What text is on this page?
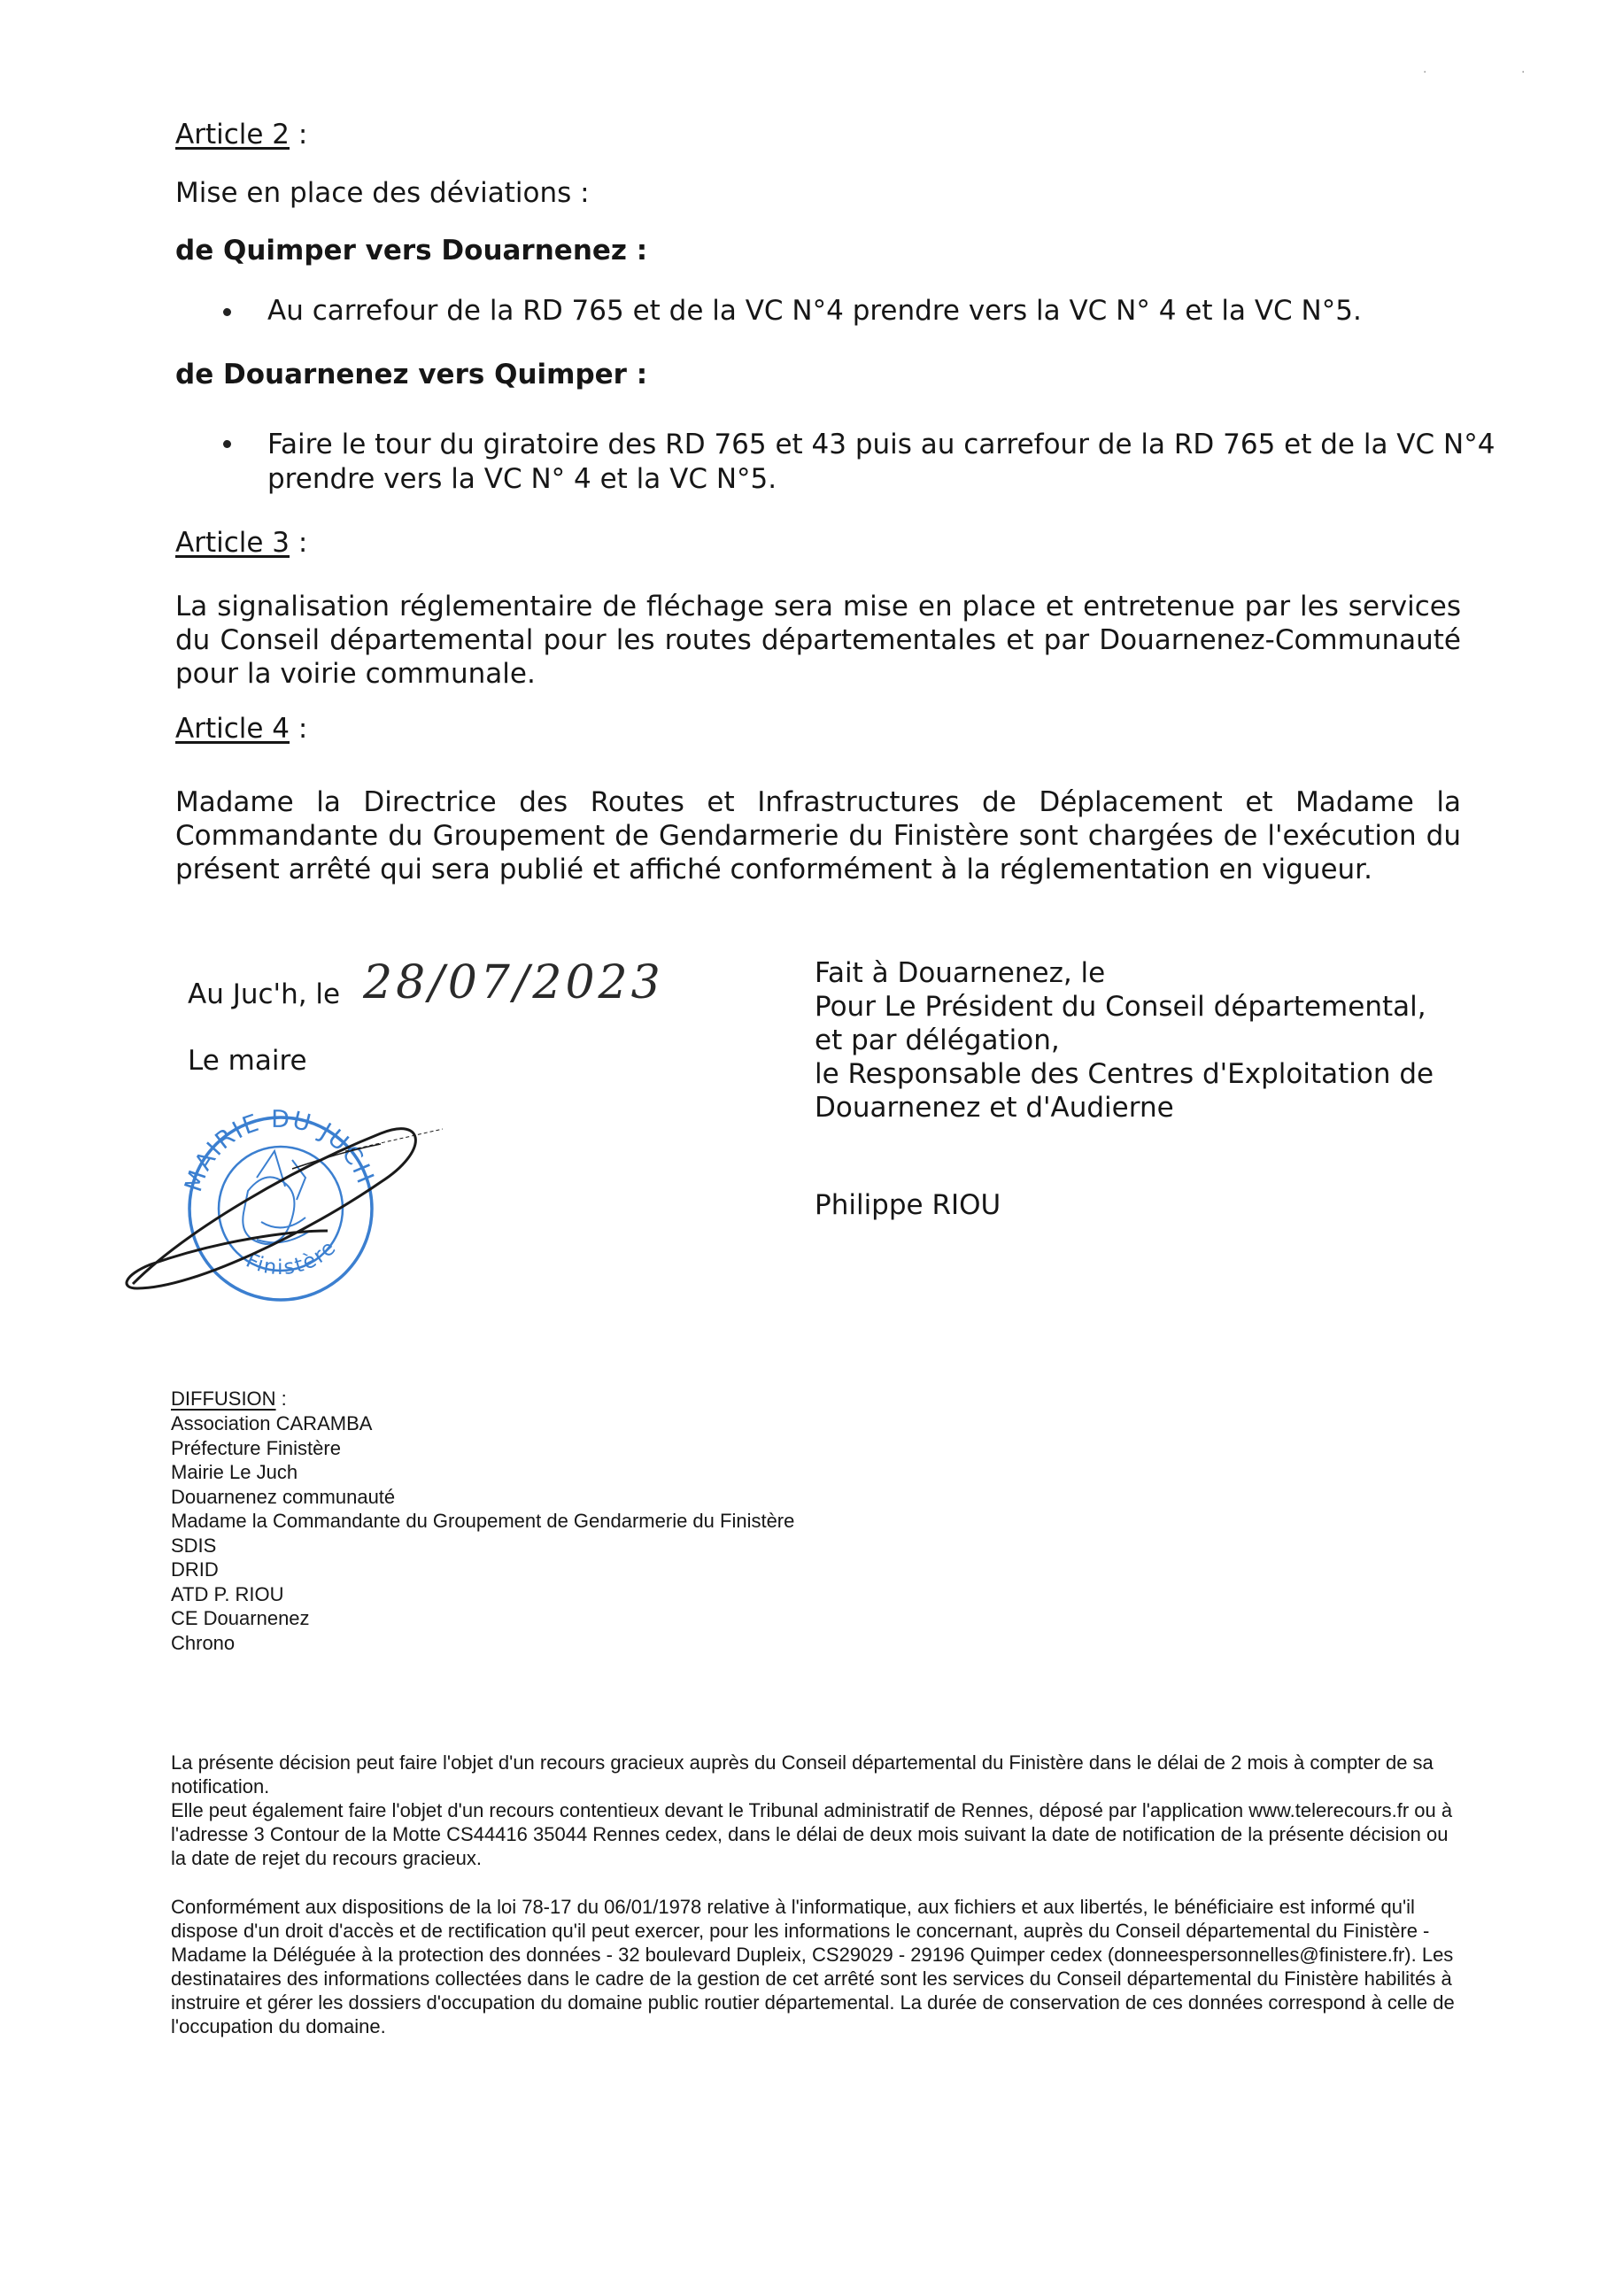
·	·
Article 2 :
Mise en place des déviations :
de Quimper vers Douarnenez :
Au carrefour de la RD 765 et de la VC N°4 prendre vers la VC N° 4 et la VC N°5.
de Douarnenez vers Quimper :
Faire le tour du giratoire des RD 765 et 43 puis au carrefour de la RD 765 et de la VC N°4
prendre vers la VC N° 4 et la VC N°5.
Article 3 :
La signalisation réglementaire de fléchage sera mise en place et entretenue par les services du Conseil départemental pour les routes départementales et par Douarnenez-Communauté pour la voirie communale.
Article 4 :
Madame la Directrice des Routes et Infrastructures de Déplacement et Madame la Commandante du Groupement de Gendarmerie du Finistère sont chargées de l'exécution du présent arrêté qui sera publié et affiché conformément à la réglementation en vigueur.
Au Juc'h, le 28/07/2023
Le maire
MAIRIE DU JUCH
Finistère
Fait à Douarnenez, le
Pour Le Président du Conseil départemental,
et par délégation,
le Responsable des Centres d'Exploitation de
Douarnenez et d'Audierne
Philippe RIOU
DIFFUSION :
Association CARAMBA
Préfecture Finistère
Mairie Le Juch
Douarnenez communauté
Madame la Commandante du Groupement de Gendarmerie du Finistère
SDIS
DRID
ATD P. RIOU
CE Douarnenez
Chrono

La présente décision peut faire l'objet d'un recours gracieux auprès du Conseil départemental du Finistère dans le délai de 2 mois à compter de sa notification.

Elle peut également faire l'objet d'un recours contentieux devant le Tribunal administratif de Rennes, déposé par l'application www.telerecours.fr ou à l'adresse 3 Contour de la Motte CS44416 35044 Rennes cedex, dans le délai de deux mois suivant la date de notification de la présente décision ou la date de rejet du recours gracieux.

Conformément aux dispositions de la loi 78-17 du 06/01/1978 relative à l'informatique, aux fichiers et aux libertés, le bénéficiaire est informé qu'il dispose d'un droit d'accès et de rectification qu'il peut exercer, pour les informations le concernant, auprès du Conseil départemental du Finistère - Madame la Déléguée à la protection des données - 32 boulevard Dupleix, CS29029 - 29196 Quimper cedex (donneespersonnelles@finistere.fr). Les destinataires des informations collectées dans le cadre de la gestion de cet arrêté sont les services du Conseil départemental du Finistère habilités à instruire et gérer les dossiers d'occupation du domaine public routier départemental. La durée de conservation de ces données correspond à celle de l'occupation du domaine.
